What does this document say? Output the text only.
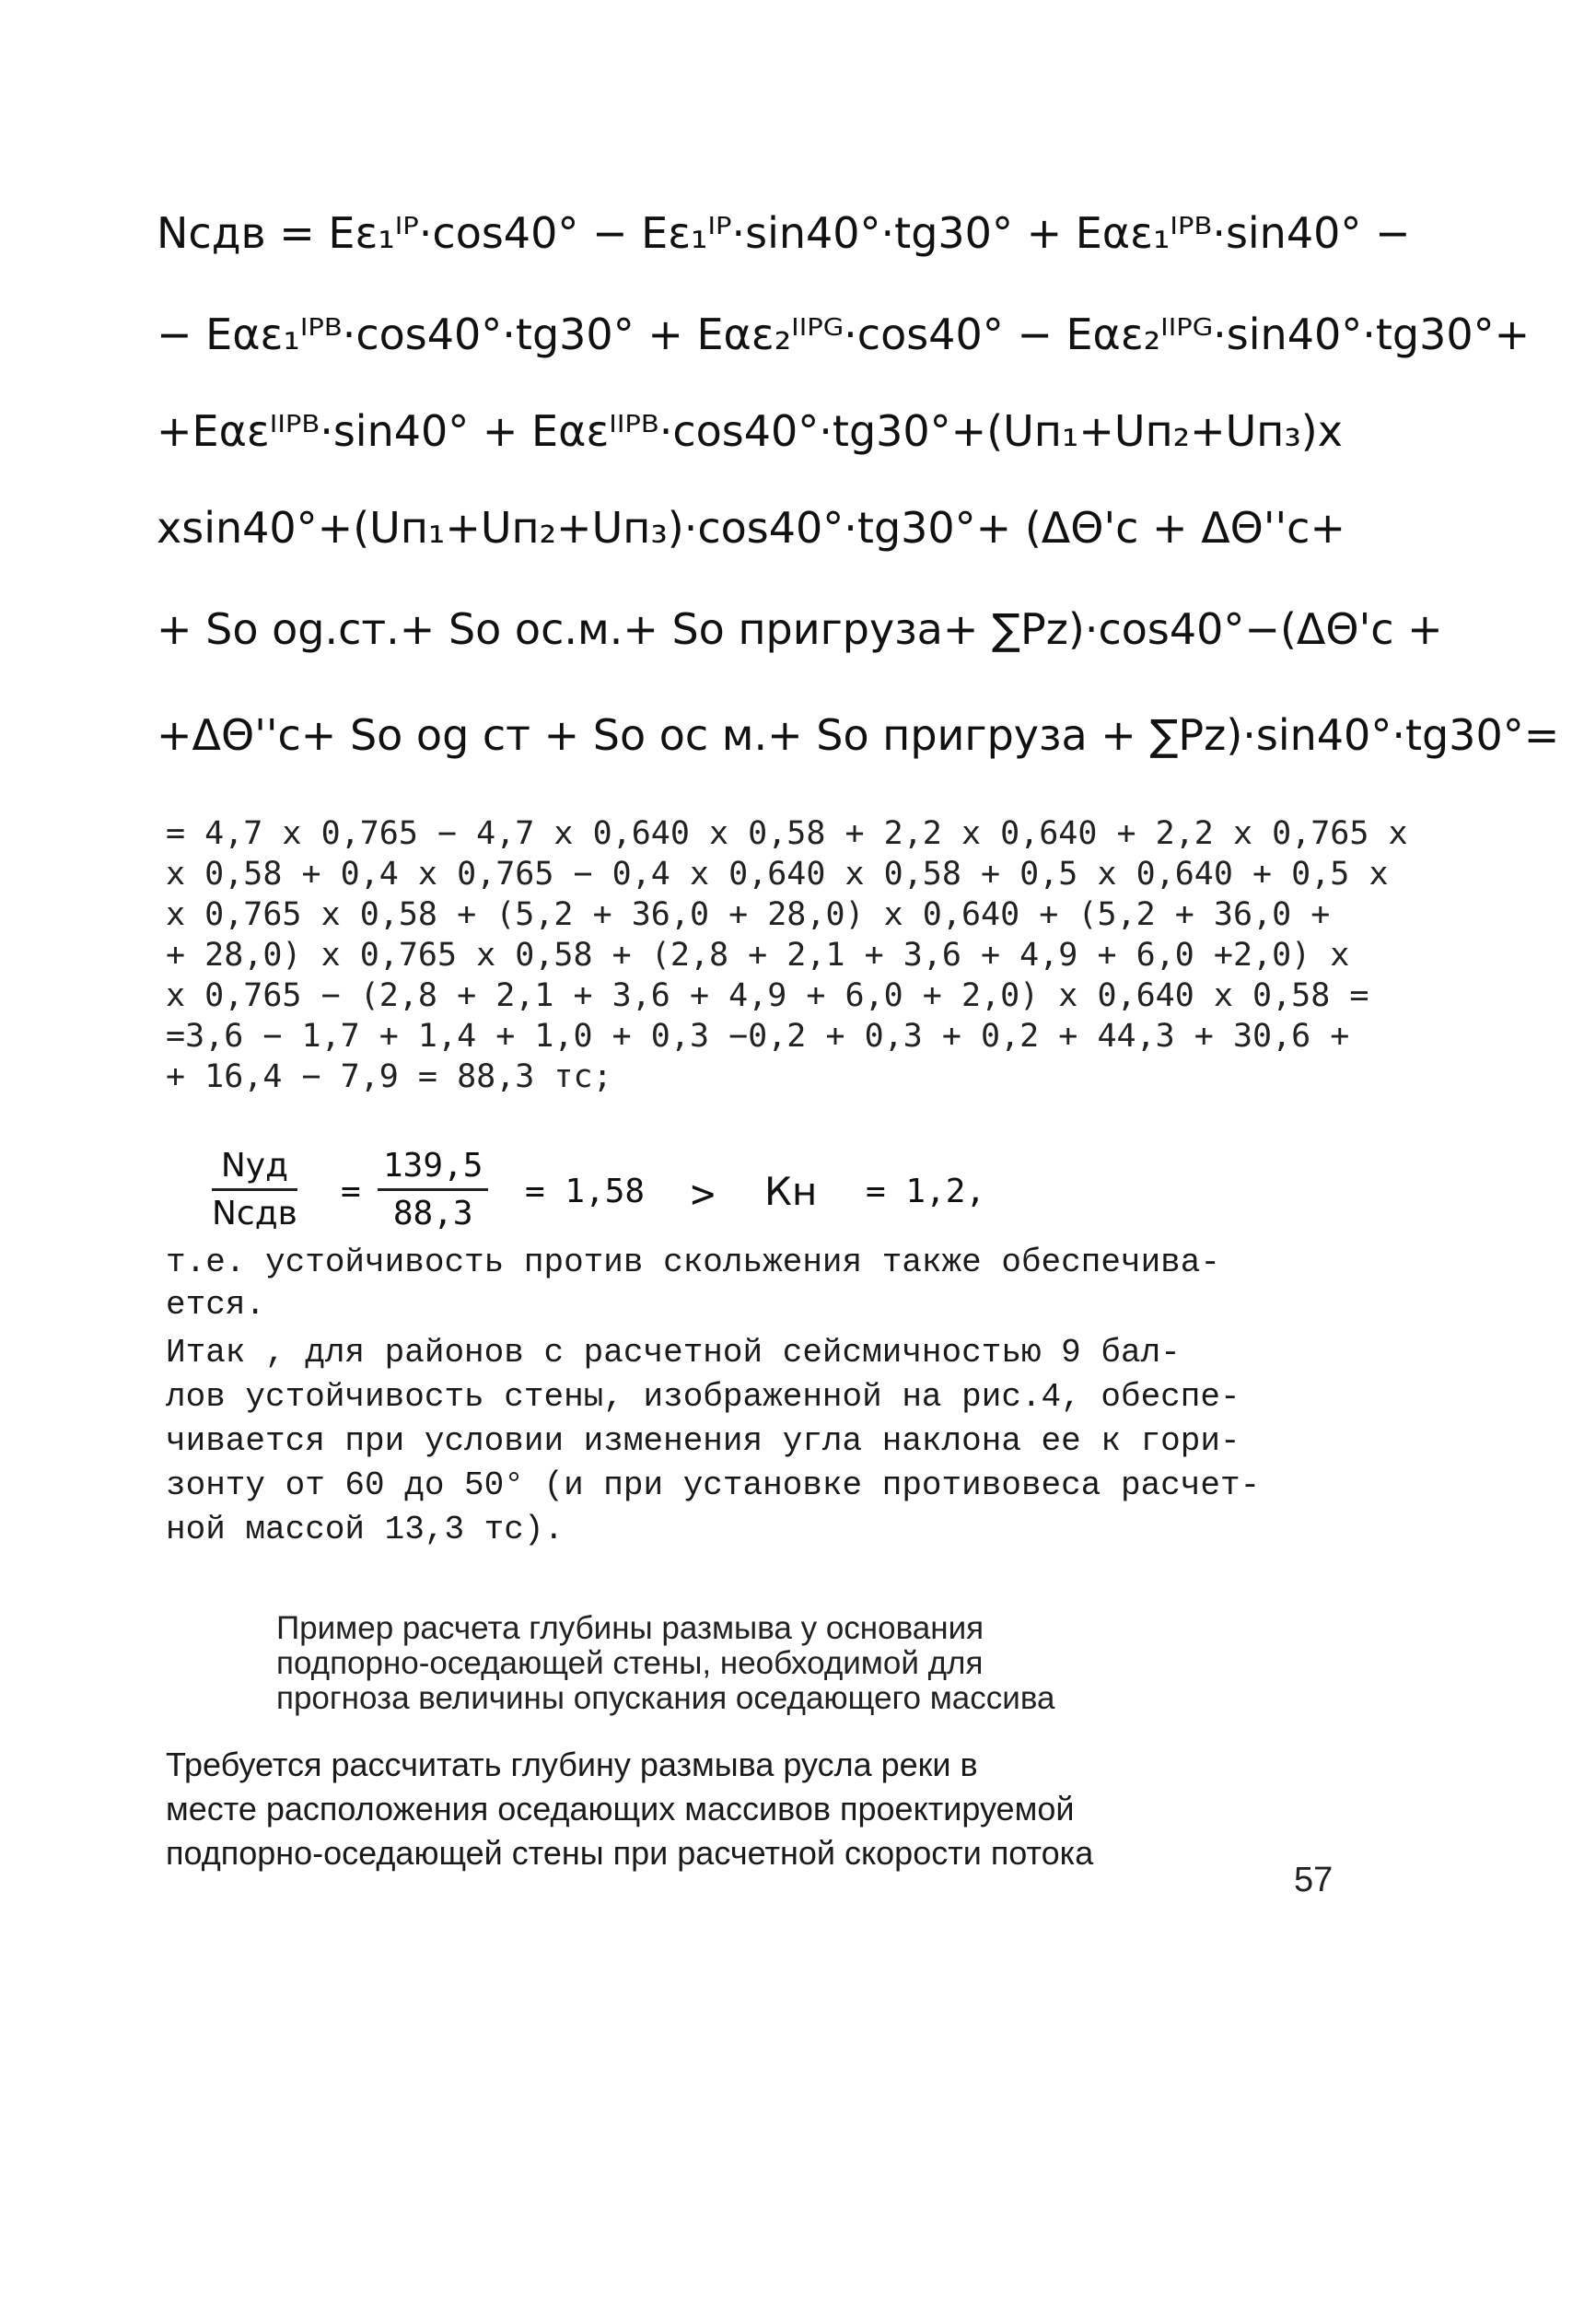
Nсдв = Eε₁ᴵᴾ·cos40° − Eε₁ᴵᴾ·sin40°·tg30° + Eαε₁ᴵᴾᴮ·sin40° −
− Eαε₁ᴵᴾᴮ·cos40°·tg30° + Eαε₂ᴵᴵᴾᴳ·cos40° − Eαε₂ᴵᴵᴾᴳ·sin40°·tg30°+
+Eαεᴵᴵᴾᴮ·sin40° + Eαεᴵᴵᴾᴮ·cos40°·tg30°+(Uп₁+Uп₂+Uп₃)x
xsin40°+(Uп₁+Uп₂+Uп₃)·cos40°·tg30°+ (ΔΘ'c + ΔΘ''c+
+ Sо оg.ст.+ Sо ос.м.+ Sо пригрузa+ ∑Pz)·cos40°−(ΔΘ'c +
+ΔΘ''c+ Sо оg ст + Sо ос м.+ Sо пригрузa + ∑Pz)·sin40°·tg30°=
= 4,7 x 0,765 − 4,7 x 0,640 x 0,58 + 2,2 x 0,640 + 2,2 x 0,765 x
x 0,58 + 0,4 x 0,765 − 0,4 x 0,640 x 0,58 + 0,5 x 0,640 + 0,5 x
x 0,765 x 0,58 + (5,2 + 36,0 + 28,0) x 0,640 + (5,2 + 36,0 +
+ 28,0) x 0,765 x 0,58 + (2,8 + 2,1 + 3,6 + 4,9 + 6,0 +2,0) x
x 0,765 − (2,8 + 2,1 + 3,6 + 4,9 + 6,0 + 2,0) x 0,640 x 0,58 =
=3,6 − 1,7 + 1,4 + 1,0 + 0,3 −0,2 + 0,3 + 0,2 + 44,3 + 30,6 +
+ 16,4 − 7,9 = 88,3 тс;
Nуд
Nсдв
= $\frac{139,5}{88,3} = 1,58$ > Кн = 1,2,
т.е. устойчивость против скольжения также обеспечива-
ется.
Итак , для районов с расчетной сейсмичностью 9 бал-
лов устойчивость стены, изображенной на рис.4, обеспе-
чивается при условии изменения угла наклона ее к гори-
зонту от 60 до 50° (и при установке противовеса расчет-
ной массой 13,3 тс).
Пример расчета глубины размыва у основания
подпорно-оседающей стены, необходимой для
прогноза величины опускания оседающего массива
Требуется рассчитать глубину размыва русла реки в
месте расположения оседающих массивов проектируемой
подпорно-оседающей стены при расчетной скорости потока
57
